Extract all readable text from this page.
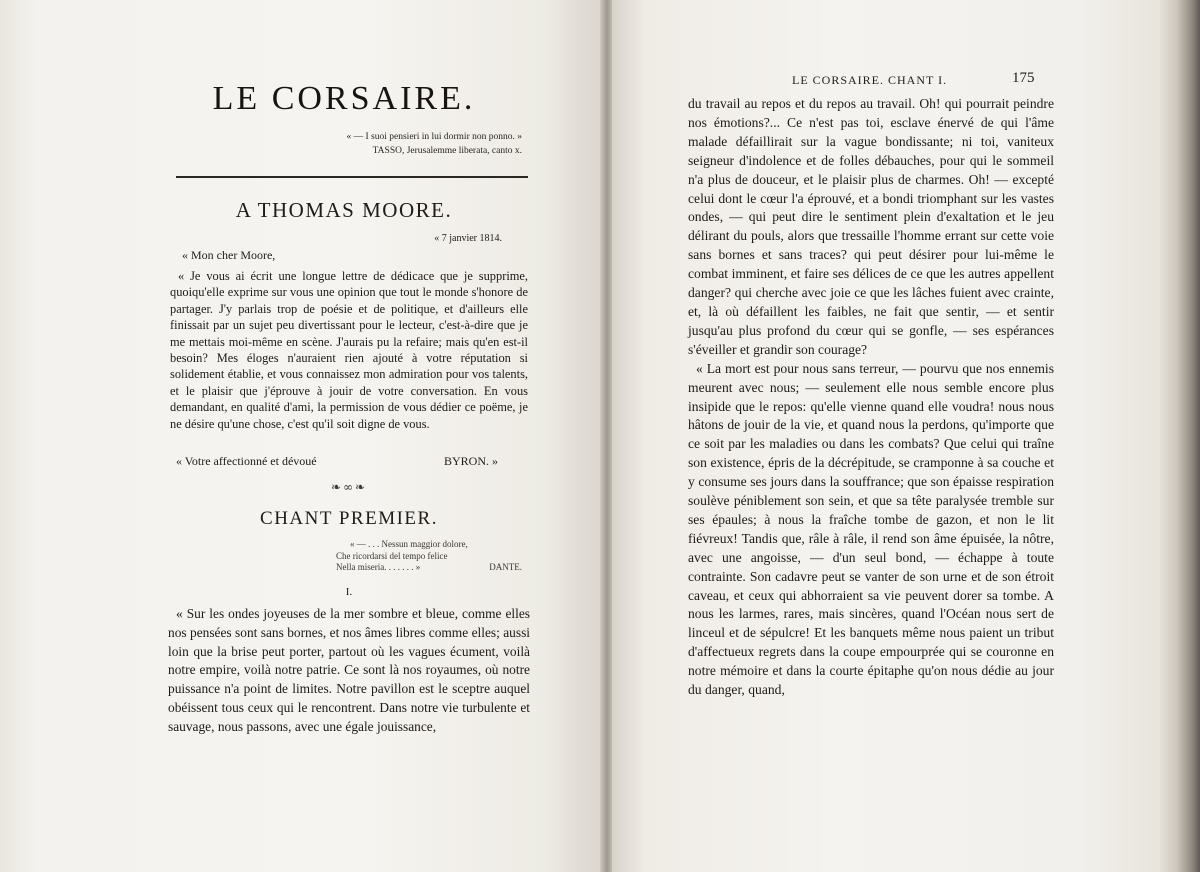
LE CORSAIRE.
« — I suoi pensieri in lui dormir non ponno. »
TASSO, Jerusalemme liberata, canto x.
A THOMAS MOORE.
« 7 janvier 1814.
« Mon cher Moore,

« Je vous ai écrit une longue lettre de dédicace que je supprime, quoiqu'elle exprime sur vous une opinion que tout le monde s'honore de partager. J'y parlais trop de poésie et de politique, et d'ailleurs elle finissait par un sujet peu divertissant pour le lecteur, c'est-à-dire que je me mettais moi-même en scène. J'aurais pu la refaire; mais qu'en est-il besoin? Mes éloges n'auraient rien ajouté à votre réputation si solidement établie, et vous connaissez mon admiration pour vos talents, et le plaisir que j'éprouve à jouir de votre conversation. En vous demandant, en qualité d'ami, la permission de vous dédier ce poëme, je ne désire qu'une chose, c'est qu'il soit digne de vous.

« Votre affectionné et dévoué	BYRON. »
❧∞❧
CHANT PREMIER.
« — . . . Nessun maggior dolore,
Che ricordarsi del tempo felice
Nella miseria. . . . . . . »	DANTE.
I.

« Sur les ondes joyeuses de la mer sombre et bleue, comme elles nos pensées sont sans bornes, et nos âmes libres comme elles; aussi loin que la brise peut porter, partout où les vagues écument, voilà notre empire, voilà notre patrie. Ce sont là nos royaumes, où notre puissance n'a point de limites. Notre pavillon est le sceptre auquel obéissent tous ceux qui le rencontrent. Dans notre vie turbulente et sauvage, nous passons, avec une égale jouissance,

LE CORSAIRE. CHANT I.	175

du travail au repos et du repos au travail. Oh! qui pourrait peindre nos émotions?... Ce n'est pas toi, esclave énervé de qui l'âme malade défaillirait sur la vague bondissante; ni toi, vaniteux seigneur d'indolence et de folles débauches, pour qui le sommeil n'a plus de douceur, et le plaisir plus de charmes. Oh! — excepté celui dont le cœur l'a éprouvé, et a bondi triomphant sur les vastes ondes, — qui peut dire le sentiment plein d'exaltation et le jeu délirant du pouls, alors que tressaille l'homme errant sur cette voie sans bornes et sans traces? qui peut désirer pour lui-même le combat imminent, et faire ses délices de ce que les autres appellent danger? qui cherche avec joie ce que les lâches fuient avec crainte, et, là où défaillent les faibles, ne fait que sentir, — et sentir jusqu'au plus profond du cœur qui se gonfle, — ses espérances s'éveiller et grandir son courage?

« La mort est pour nous sans terreur, — pourvu que nos ennemis meurent avec nous; — seulement elle nous semble encore plus insipide que le repos: qu'elle vienne quand elle voudra! nous nous hâtons de jouir de la vie, et quand nous la perdons, qu'importe que ce soit par les maladies ou dans les combats? Que celui qui traîne son existence, épris de la décrépitude, se cramponne à sa couche et y consume ses jours dans la souffrance; que son épaisse respiration soulève péniblement son sein, et que sa tête paralysée tremble sur ses épaules; à nous la fraîche tombe de gazon, et non le lit fiévreux! Tandis que, râle à râle, il rend son âme épuisée, la nôtre, avec une angoisse, — d'un seul bond, — échappe à toute contrainte. Son cadavre peut se vanter de son urne et de son étroit caveau, et ceux qui abhorraient sa vie peuvent dorer sa tombe. A nous les larmes, rares, mais sincères, quand l'Océan nous sert de linceul et de sépulcre! Et les banquets même nous paient un tribut d'affectueux regrets dans la coupe empourprée qui se couronne en notre mémoire et dans la courte épitaphe qu'on nous dédie au jour du danger, quand,
